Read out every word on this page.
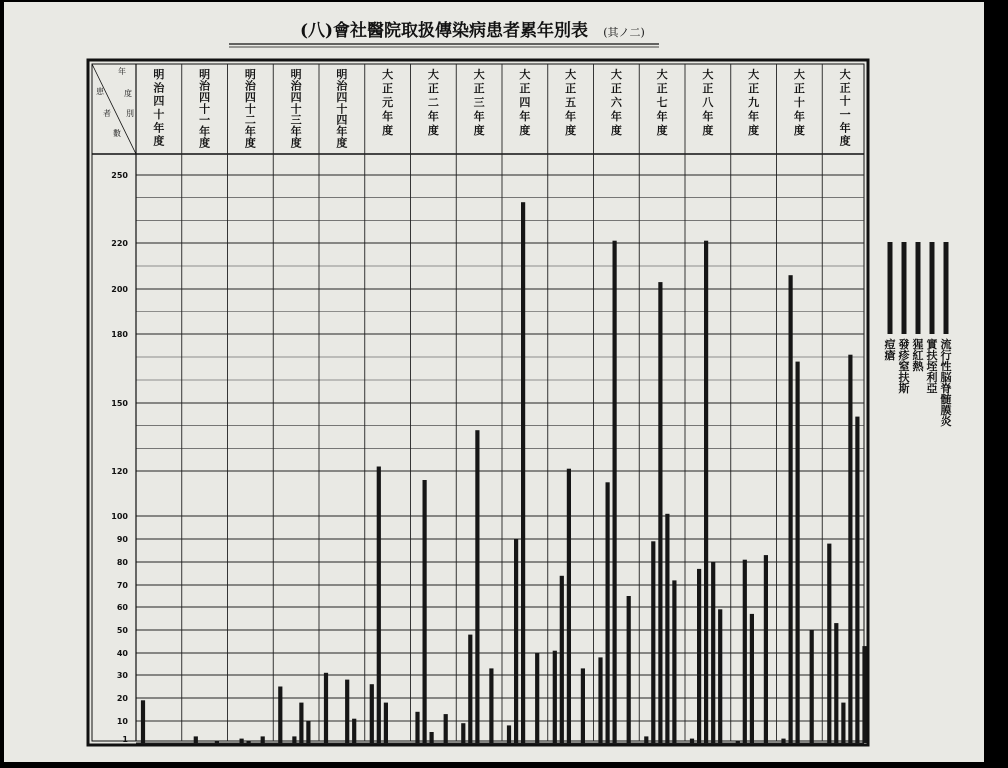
(八)會社醫院取扱傳染病患者累年別表 (其ノ二)
年
度
別
患
者
數
明治四十年度
明治四十一年度
明治四十二年度
明治四十三年度
明治四十四年度
大正元年度
大正二年度
大正三年度
大正四年度
大正五年度
大正六年度
大正七年度
大正八年度
大正九年度
大正十年度
大正十一年度
1
10
20
30
40
50
60
70
80
90
100
120
150
180
200
220
250
流行性脳脊髄膜炎
實扶垤利亞
猩紅熱
發疹窒扶斯
痘瘡
